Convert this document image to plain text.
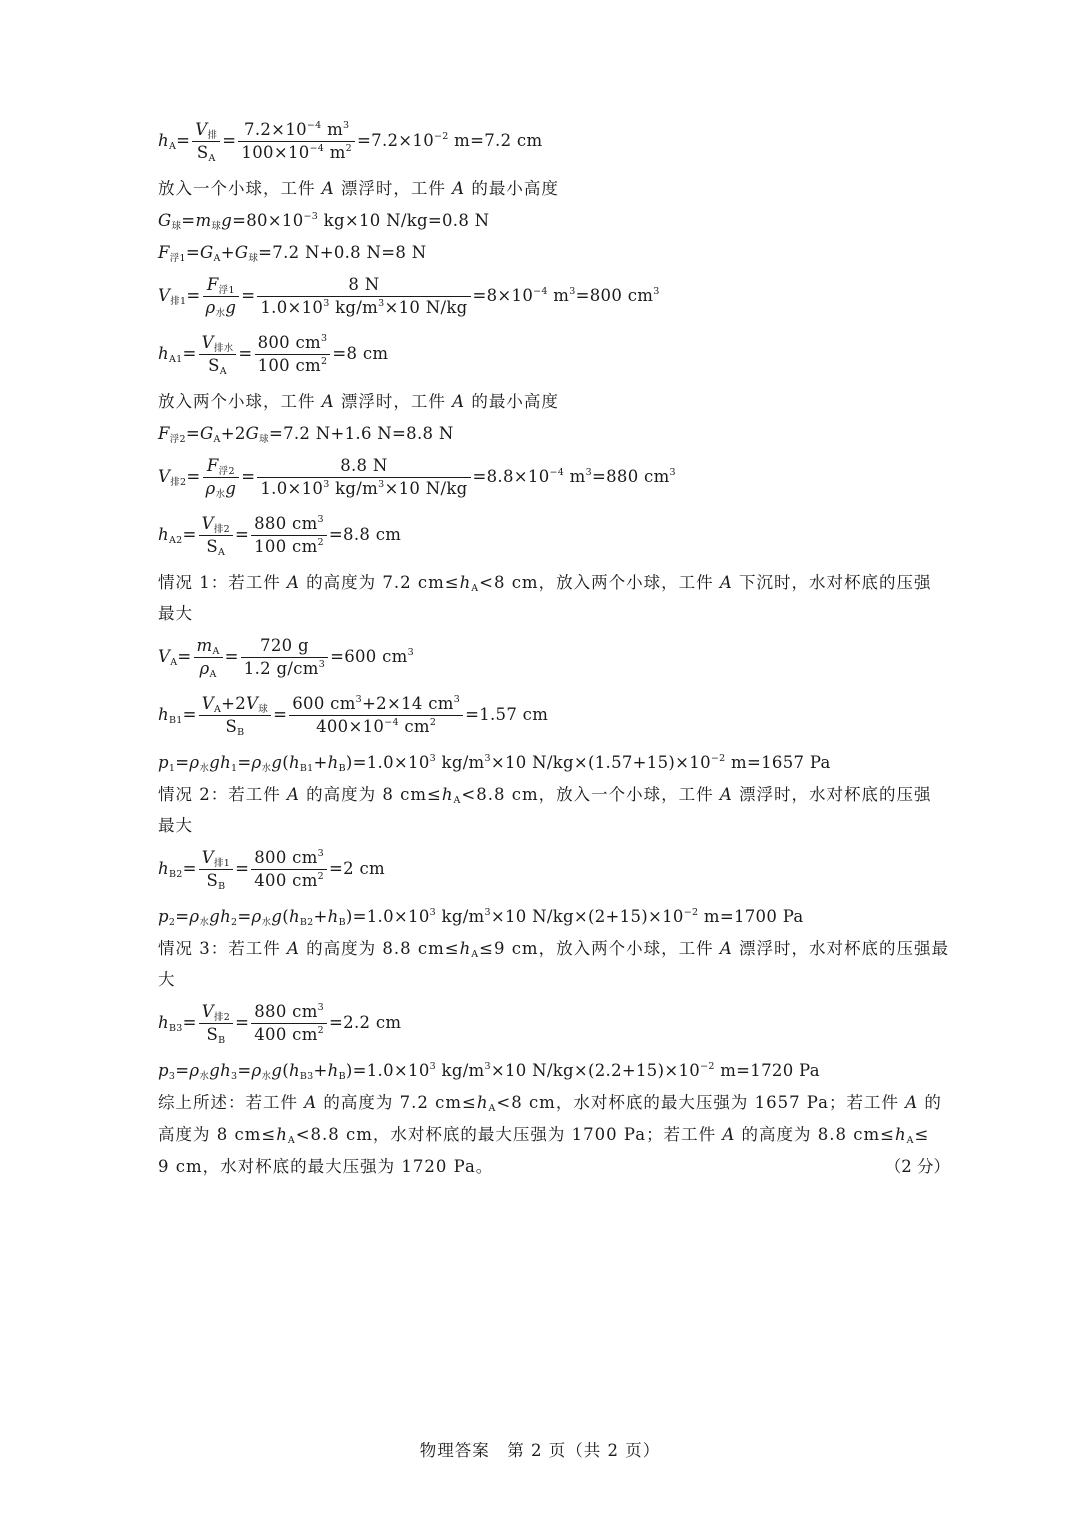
$h_A= \frac{V_排}{S_A} = \frac{7.2\times 10^{-4} m^3}{100\times 10^{-4} m^2} =7.2\times 10^{-2}$ m=7.2 cm
放入一个小球，工件 A 漂浮时，工件 A 的最小高度
$G_球=m_球g=80\times 10^{-3}$ kg×10 N/kg=0.8 N
$F_{浮1}=G_A+G_球=7.2$ N+0.8 N=8 N
$V_{排1}= \frac{F_{浮1}}{\rho_水g} = \frac{8 N}{1.0\times 10^3 kg/m^3\times 10 N/kg} =8\times 10^{-4}$ $m^3=800$ $cm^3$
$h_{A1}= \frac{V_{排水}}{S_A} = \frac{800 cm^3}{100 cm^2} =8$ cm
放入两个小球，工件 A 漂浮时，工件 A 的最小高度
$F_{浮2}=G_A+2G_球=7.2$ N+1.6 N=8.8 N
$V_{排2}= \frac{F_{浮2}}{\rho_水g} = \frac{8.8 N}{1.0\times 10^3 kg/m^3\times 10 N/kg} =8.8\times 10^{-4}$ $m^3=880$ $cm^3$
$h_{A2}= \frac{V_{排2}}{S_A} = \frac{880 cm^3}{100 cm^2} =8.8$ cm
情况 1：若工件 A 的高度为 7.2 $cm\le h_A<8$ cm，放入两个小球，工件 A 下沉时，水对杯底的压强
最大
$V_A= \frac{m_A}{\rho_A} = \frac{720 g}{1.2 g/cm^3} =600$ $cm^3$
$h_{B1}= \frac{V_A+2V_球}{S_B} = \frac{600 cm^3+2\times 14 cm^3}{400\times 10^{-4} cm^2} =1.57$ cm
$p_1=\rho_水gh_1=\rho_水g(h_{B1}+h_B)=1.0\times 10^3$ $kg/m^3\times 10$ $N/kg\times(1.57+15)\times 10^{-2}$ m=1657 Pa
情况 2：若工件 A 的高度为 8 $cm\le h_A<8.8$ cm，放入一个小球，工件 A 漂浮时，水对杯底的压强
最大
$h_{B2}= \frac{V_{排1}}{S_B} = \frac{800 cm^3}{400 cm^2} =2$ cm
$p_2=\rho_水gh_2=\rho_水g(h_{B2}+h_B)=1.0\times 10^3$ $kg/m^3\times 10$ $N/kg\times(2+15)\times 10^{-2}$ m=1700 Pa
情况 3：若工件 A 的高度为 8.8 $cm\le h_A\le 9$ cm，放入两个小球，工件 A 漂浮时，水对杯底的压强最
大
$h_{B3}= \frac{V_{排2}}{S_B} = \frac{880 cm^3}{400 cm^2} =2.2$ cm
$p_3=\rho_水gh_3=\rho_水g(h_{B3}+h_B)=1.0\times 10^3$ $kg/m^3\times 10$ $N/kg\times(2.2+15)\times 10^{-2}$ m=1720 Pa
综上所述：若工件 A 的高度为 7.2 $cm\le h_A<8$ cm，水对杯底的最大压强为 1657 Pa；若工件 A 的
高度为 8 $cm\le h_A<8.8$ cm，水对杯底的最大压强为 1700 Pa；若工件 A 的高度为 8.8 $cm\le h_A\le$
9 cm，水对杯底的最大压强为 1720 Pa。	（2 分）
物理答案　第 2 页（共 2 页）
